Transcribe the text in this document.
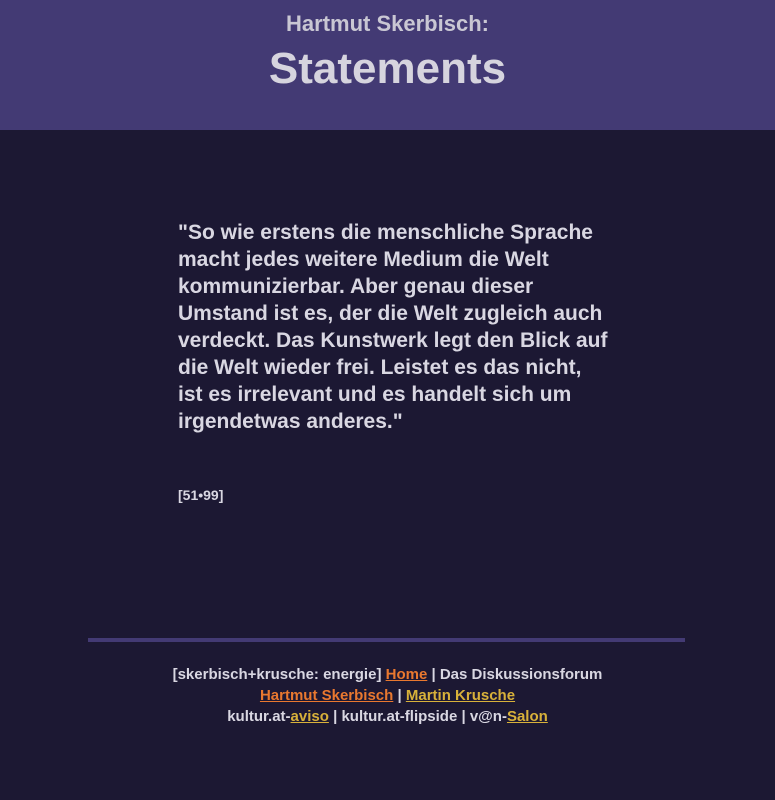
Hartmut Skerbisch:
Statements
"So wie erstens die menschliche Sprache macht jedes weitere Medium die Welt kommunizierbar. Aber genau dieser Umstand ist es, der die Welt zugleich auch verdeckt. Das Kunstwerk legt den Blick auf die Welt wieder frei. Leistet es das nicht, ist es irrelevant und es handelt sich um irgendetwas anderes."
[51•99]
[skerbisch+krusche: energie] Home | Das Diskussionsforum
Hartmut Skerbisch | Martin Krusche
kultur.at-aviso | kultur.at-flipside | v@n-Salon
